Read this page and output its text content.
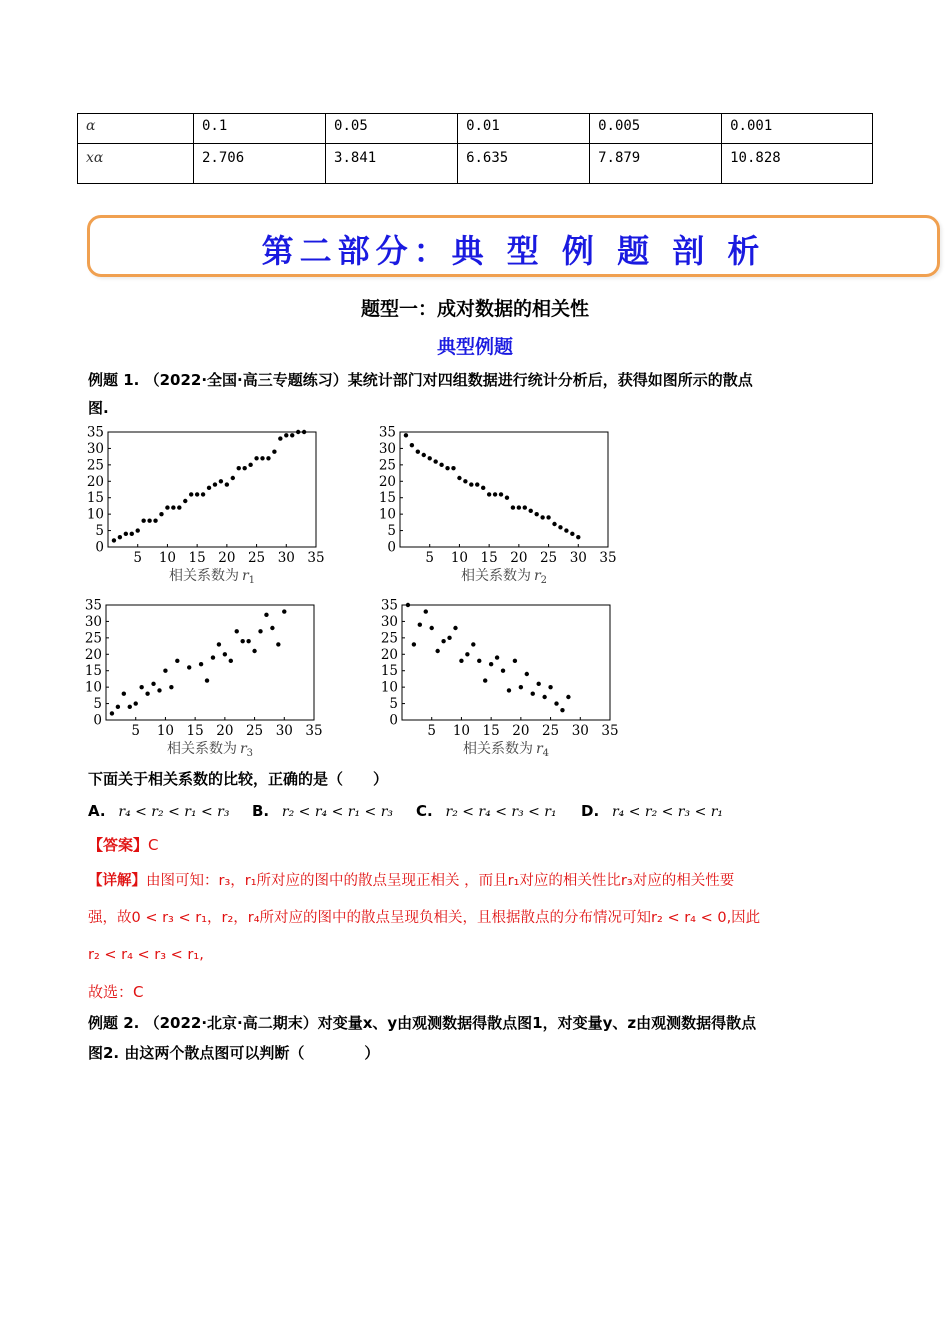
α	0.1	0.05	0.01	0.005	0.001
xα	2.706	3.841	6.635	7.879	10.828
第二部分：典 型 例 题 剖 析
题型一：成对数据的相关性
典型例题
例题 1. （2022·全国·高三专题练习）某统计部门对四组数据进行统计分析后，获得如图所示的散点
图.
0
5
10
15
20
25
30
35
5 10 15 20 25 30 35
相关系数为 $r_1$
0
5
10
15
20
25
30
35
5 10 15 20 25 30 35
相关系数为 $r_2$
0
5
10
15
20
25
30
35
5 10 15 20 25 30 35
相关系数为 $r_3$
0
5
10
15
20
25
30
35
5 10 15 20 25 30 35
相关系数为 $r_4$
下面关于相关系数的比较，正确的是（　　）
A. r₄ < r₂ < r₁ < r₃ B. r₂ < r₄ < r₁ < r₃ C. r₂ < r₄ < r₃ < r₁ D. r₄ < r₂ < r₃ < r₁
【答案】C
【详解】由图可知：r₃，r₁所对应的图中的散点呈现正相关 ，而且r₁对应的相关性比r₃对应的相关性要
强，故0 < r₃ < r₁，r₂，r₄所对应的图中的散点呈现负相关，且根据散点的分布情况可知r₂ < r₄ < 0,因此
r₂ < r₄ < r₃ < r₁,
故选：C
例题 2. （2022·北京·高二期末）对变量x、y由观测数据得散点图1，对变量y、z由观测数据得散点
图2. 由这两个散点图可以判断（　　　　）
